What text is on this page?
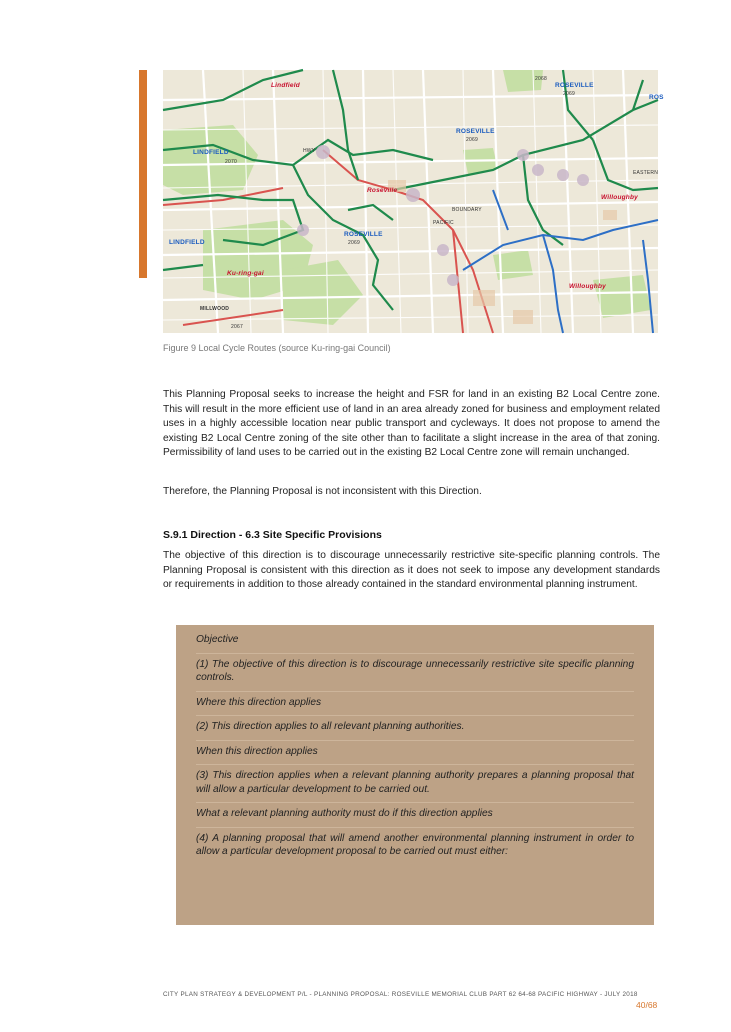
Lindfield	ROSEVILLE
2069	ROS
ROSEVILLE
2069
LINDFIELD
2070
HWY
Roseville
BOUNDARY
PACIFIC
EASTERN
Willoughby
ROSEVILLE
2069
LINDFIELD
Ku-ring-gai
Willoughby
MILLWOOD
2067
2068
Figure 9 Local Cycle Routes (source Ku-ring-gai Council)

This Planning Proposal seeks to increase the height and FSR for land in an existing B2 Local Centre zone. This will result in the more efficient use of land in an area already zoned for business and employment related uses in a highly accessible location near public transport and cycleways. It does not propose to amend the existing B2 Local Centre zoning of the site other than to facilitate a slight increase in the area of that zoning. Permissibility of land uses to be carried out in the existing B2 Local Centre zone will remain unchanged.

Therefore, the Planning Proposal is not inconsistent with this Direction.

S.9.1 Direction - 6.3 Site Specific Provisions

The objective of this direction is to discourage unnecessarily restrictive site-specific planning controls. The Planning Proposal is consistent with this direction as it does not seek to impose any development standards or requirements in addition to those already contained in the standard environmental planning instrument.

Objective
(1) The objective of this direction is to discourage unnecessarily restrictive site specific planning controls.
Where this direction applies
(2) This direction applies to all relevant planning authorities.
When this direction applies
(3) This direction applies when a relevant planning authority prepares a planning proposal that will allow a particular development to be carried out.
What a relevant planning authority must do if this direction applies
(4) A planning proposal that will amend another environmental planning instrument in order to allow a particular development proposal to be carried out must either:
CITY PLAN STRATEGY & DEVELOPMENT P/L - PLANNING PROPOSAL: ROSEVILLE MEMORIAL CLUB PART 62 64-68 PACIFIC HIGHWAY - JULY 2018
40/68
